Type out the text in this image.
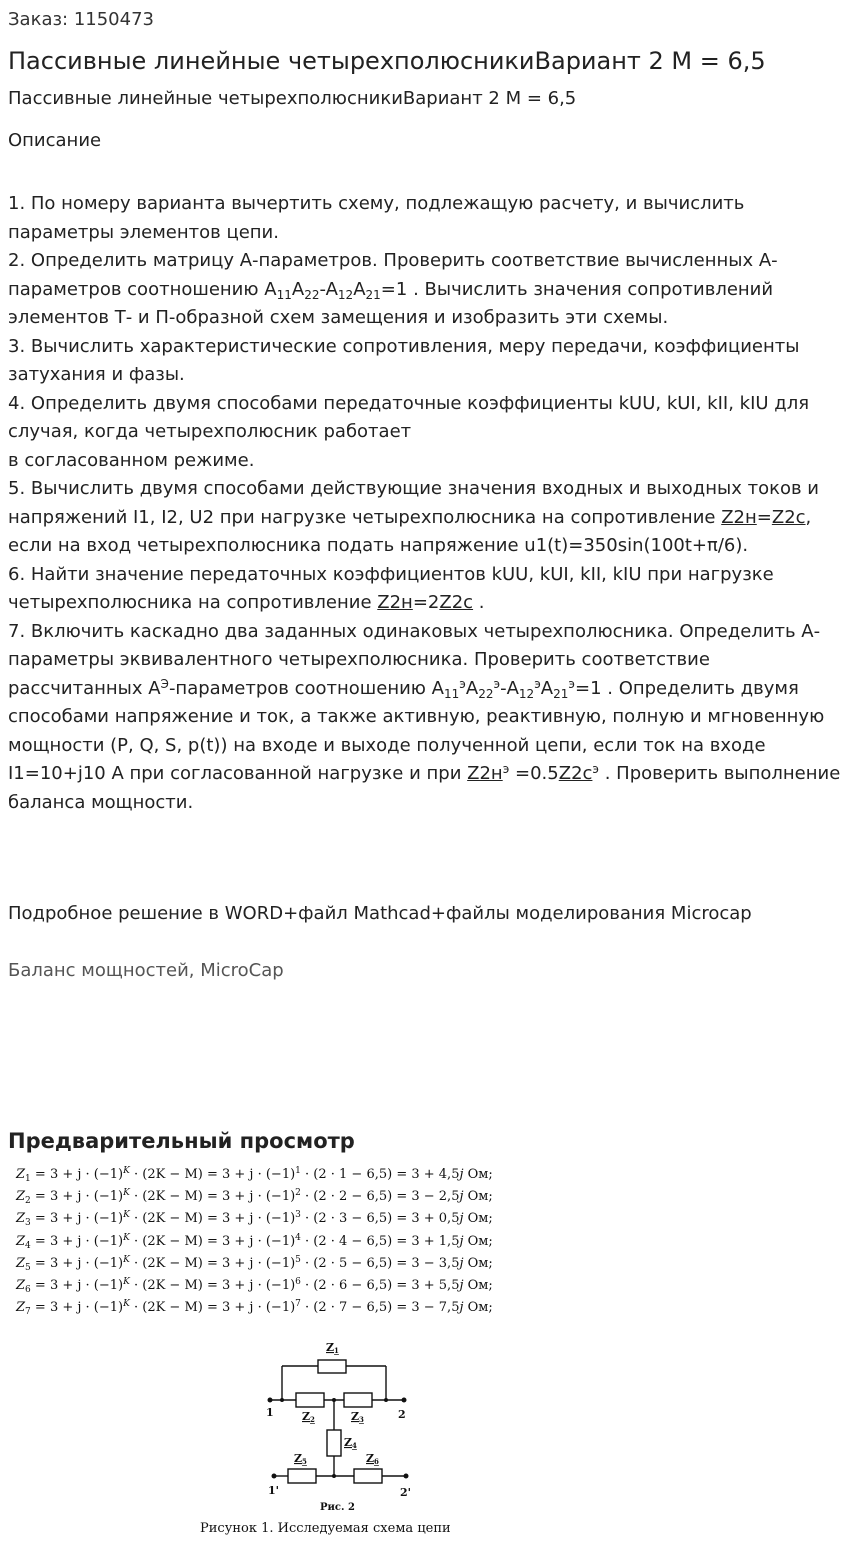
Заказ: 1150473
Пассивные линейные четырехполюсникиВариант 2 М = 6,5
Пассивные линейные четырехполюсникиВариант 2 М = 6,5
Описание

1. По номеру варианта вычертить схему, подлежащую расчету, и вычислить параметры элементов цепи.

2. Определить матрицу А-параметров. Проверить соответствие вычисленных А-параметров соотношению $A_{11}A_{22}-A_{12}A_{21}=1$ . Вычислить значения сопротивлений элементов Т- и П-образной схем замещения и изобразить эти схемы.

3. Вычислить характеристические сопротивления, меру передачи, коэффициенты затухания и фазы.

4. Определить двумя способами передаточные коэффициенты kUU, kUI, kII, kIU для случая, когда четырехполюсник работает
в согласованном режиме.

5. Вычислить двумя способами действующие значения входных и выходных токов и напряжений I1, I2, U2 при нагрузке четырехполюсника на сопротивление Z2н=Z2с, если на вход четырехполюсника подать напряжение u1(t)=350sin(100t+π/6).

6. Найти значение передаточных коэффициентов kUU, kUI, kII, kIU при нагрузке четырехполюсника на сопротивление Z2н=2Z2с .

7. Включить каскадно два заданных одинаковых четырехполюсника. Определить А-параметры эквивалентного четырехполюсника. Проверить соответствие рассчитанных $А^Э$-параметров соотношению $A_{11}^эA_{22}^э-A_{12}^эA_{21}^э=1$ . Определить двумя способами напряжение и ток, а также активную, реактивную, полную и мгновенную мощности (P, Q, S, p(t)) на входе и выходе полученной цепи, если ток на входе I1=10+j10 А при согласованной нагрузке и при $Z2н^э =0.5Z2с^э$ . Проверить выполнение баланса мощности.

Подробное решение в WORD+файл Mathcad+файлы моделирования Microcap
Баланс мощностей, MicroCap
Предварительный просмотр
$Z_1 = 3 + j \cdot (-1)^K \cdot (2K - M) = 3 + j \cdot (-1)^1 \cdot (2 \cdot 1 - 6,5) = 3 + 4,5j$ Ом;
$Z_2 = 3 + j \cdot (-1)^K \cdot (2K - M) = 3 + j \cdot (-1)^2 \cdot (2 \cdot 2 - 6,5) = 3 - 2,5j$ Ом;
$Z_3 = 3 + j \cdot (-1)^K \cdot (2K - M) = 3 + j \cdot (-1)^3 \cdot (2 \cdot 3 - 6,5) = 3 + 0,5j$ Ом;
$Z_4 = 3 + j \cdot (-1)^K \cdot (2K - M) = 3 + j \cdot (-1)^4 \cdot (2 \cdot 4 - 6,5) = 3 + 1,5j$ Ом;
$Z_5 = 3 + j \cdot (-1)^K \cdot (2K - M) = 3 + j \cdot (-1)^5 \cdot (2 \cdot 5 - 6,5) = 3 - 3,5j$ Ом;
$Z_6 = 3 + j \cdot (-1)^K \cdot (2K - M) = 3 + j \cdot (-1)^6 \cdot (2 \cdot 6 - 6,5) = 3 + 5,5j$ Ом;
$Z_7 = 3 + j \cdot (-1)^K \cdot (2K - M) = 3 + j \cdot (-1)^7 \cdot (2 \cdot 7 - 6,5) = 3 - 7,5j$ Ом;
Z1
Z2	Z3
Z4
Z5	Z6
1	2
1'	2'
Рис. 2
Рисунок 1. Исследуемая схема цепи
